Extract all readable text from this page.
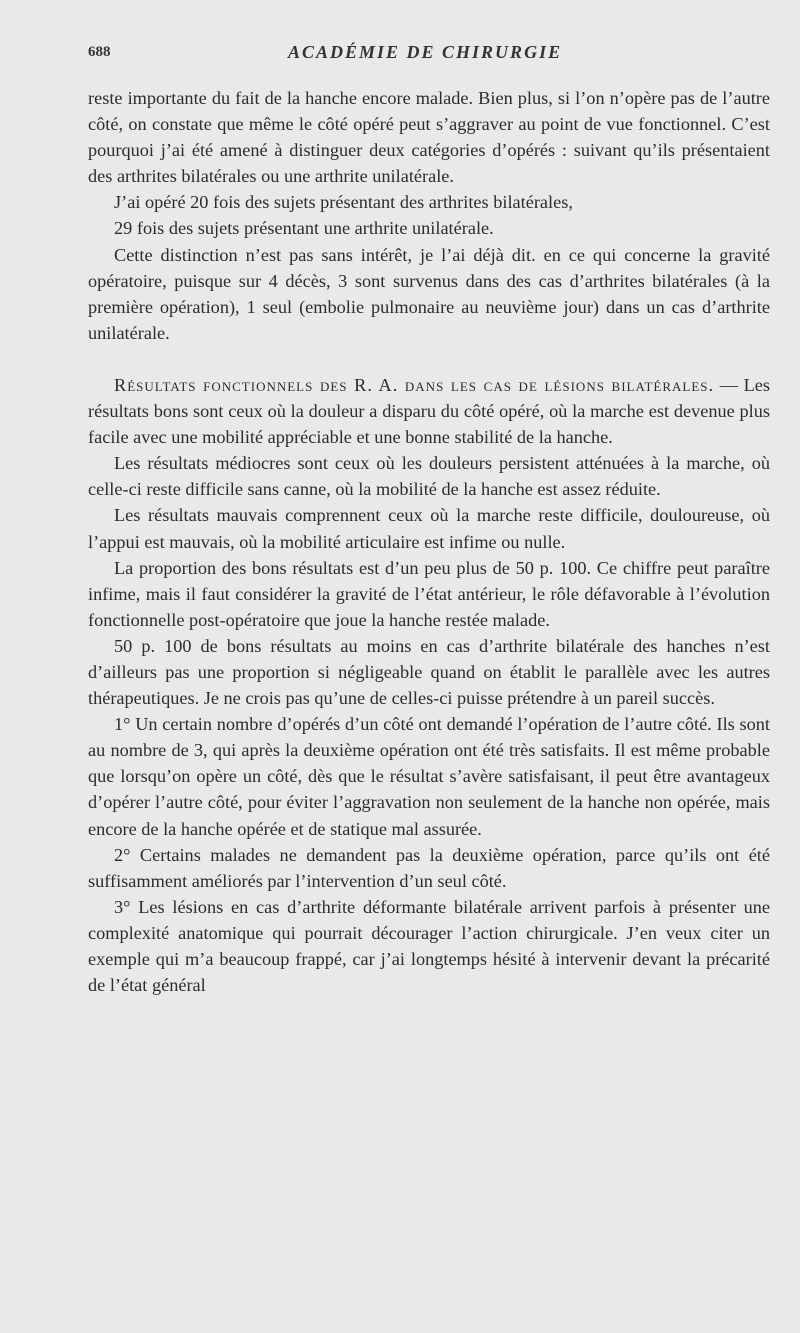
688	ACADÉMIE DE CHIRURGIE

reste importante du fait de la hanche encore malade. Bien plus, si l’on n’opère pas de l’autre côté, on constate que même le côté opéré peut s’aggraver au point de vue fonctionnel. C’est pourquoi j’ai été amené à distinguer deux catégories d’opérés : suivant qu’ils présentaient des arthrites bilatérales ou une arthrite unilatérale.

J’ai opéré 20 fois des sujets présentant des arthrites bilatérales,

29 fois des sujets présentant une arthrite unilatérale.

Cette distinction n’est pas sans intérêt, je l’ai déjà dit. en ce qui concerne la gravité opératoire, puisque sur 4 décès, 3 sont survenus dans des cas d’arthrites bilatérales (à la première opération), 1 seul (embolie pulmonaire au neuvième jour) dans un cas d’arthrite unilatérale.

Résultats fonctionnels des R. A. dans les cas de lésions bilatérales. — Les résultats bons sont ceux où la douleur a disparu du côté opéré, où la marche est devenue plus facile avec une mobilité appréciable et une bonne stabilité de la hanche.

Les résultats médiocres sont ceux où les douleurs persistent atténuées à la marche, où celle-ci reste difficile sans canne, où la mobilité de la hanche est assez réduite.

Les résultats mauvais comprennent ceux où la marche reste difficile, douloureuse, où l’appui est mauvais, où la mobilité articulaire est infime ou nulle.

La proportion des bons résultats est d’un peu plus de 50 p. 100. Ce chiffre peut paraître infime, mais il faut considérer la gravité de l’état antérieur, le rôle défavorable à l’évolution fonctionnelle post-opératoire que joue la hanche restée malade.

50 p. 100 de bons résultats au moins en cas d’arthrite bilatérale des hanches n’est d’ailleurs pas une proportion si négligeable quand on établit le parallèle avec les autres thérapeutiques. Je ne crois pas qu’une de celles-ci puisse prétendre à un pareil succès.

1° Un certain nombre d’opérés d’un côté ont demandé l’opération de l’autre côté. Ils sont au nombre de 3, qui après la deuxième opération ont été très satisfaits. Il est même probable que lorsqu’on opère un côté, dès que le résultat s’avère satisfaisant, il peut être avantageux d’opérer l’autre côté, pour éviter l’aggravation non seulement de la hanche non opérée, mais encore de la hanche opérée et de statique mal assurée.

2° Certains malades ne demandent pas la deuxième opération, parce qu’ils ont été suffisamment améliorés par l’intervention d’un seul côté.

3° Les lésions en cas d’arthrite déformante bilatérale arrivent parfois à présenter une complexité anatomique qui pourrait décourager l’action chirurgicale. J’en veux citer un exemple qui m’a beaucoup frappé, car j’ai longtemps hésité à intervenir devant la précarité de l’état général
